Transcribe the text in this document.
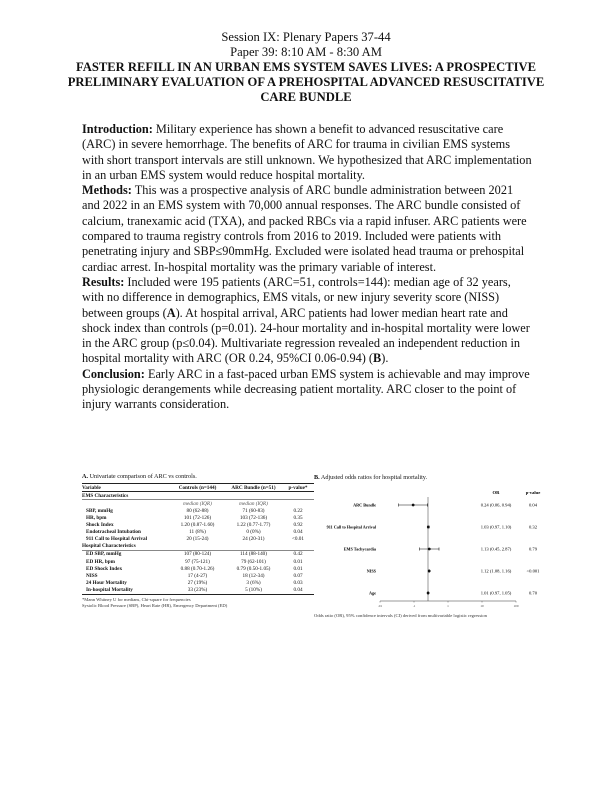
Session IX: Plenary Papers 37-44
Paper 39: 8:10 AM - 8:30 AM
FASTER REFILL IN AN URBAN EMS SYSTEM SAVES LIVES: A PROSPECTIVE PRELIMINARY EVALUATION OF A PREHOSPITAL ADVANCED RESUSCITATIVE CARE BUNDLE

Introduction: Military experience has shown a benefit to advanced resuscitative care (ARC) in severe hemorrhage. The benefits of ARC for trauma in civilian EMS systems with short transport intervals are still unknown. We hypothesized that ARC implementation in an urban EMS system would reduce hospital mortality.

Methods: This was a prospective analysis of ARC bundle administration between 2021 and 2022 in an EMS system with 70,000 annual responses. The ARC bundle consisted of calcium, tranexamic acid (TXA), and packed RBCs via a rapid infuser. ARC patients were compared to trauma registry controls from 2016 to 2019. Included were patients with penetrating injury and SBP≤90mmHg. Excluded were isolated head trauma or prehospital cardiac arrest. In-hospital mortality was the primary variable of interest.

Results: Included were 195 patients (ARC=51, controls=144): median age of 32 years, with no difference in demographics, EMS vitals, or new injury severity score (NISS) between groups (A). At hospital arrival, ARC patients had lower median heart rate and shock index than controls (p=0.01). 24-hour mortality and in-hospital mortality were lower in the ARC group (p≤0.04). Multivariate regression revealed an independent reduction in hospital mortality with ARC (OR 0.24, 95%CI 0.06-0.94) (B).

Conclusion: Early ARC in a fast-paced urban EMS system is achievable and may improve physiologic derangements while decreasing patient mortality. ARC closer to the point of injury warrants consideration.

A. Univariate comparison of ARC vs controls.
Variable	Controls (n=144)	ARC Bundle (n=51)	p-value*
EMS Characteristics			
	median (IQR)	median (IQR)	
SBP, mmHg	80 (62-88)	71 (60-83)	0.22
HR, bpm	101 (72-126)	103 (72-136)	0.35
Shock Index	1.20 (0.87-1.60)	1.22 (0.77-1.77)	0.92
Endotracheal Intubation	11 (8%)	0 (0%)	0.04
911 Call to Hospital Arrival	20 (15-24)	24 (20-31)	<0.01
Hospital Characteristics			
ED SBP, mmHg	107 (80-124)	114 (88-140)	0.42
ED HR, bpm	97 (75-121)	79 (62-101)	0.01
ED Shock Index	0.88 (0.70-1.26)	0.79 (0.50-1.05)	0.01
NISS	17 (4-27)	18 (12-34)	0.07
24 Hour Mortality	27 (19%)	3 (6%)	0.03
In-hospital Mortality	33 (23%)	5 (10%)	0.04
*Mann Whitney U for medians, Chi-square for frequencies
Systolic Blood Pressure (SBP), Heart Rate (HR), Emergency Department (ED)
B. Adjusted odds ratios for hospital mortality.
OR	p-value
ARC Bundle	0.24 (0.06, 0.94)	0.04
911 Call to Hospital Arrival	1.03 (0.97, 1.10)	0.32
EMS Tachycardia	1.13 (0.45, 2.87)	0.79
NISS	1.12 (1.08, 1.16)	<0.001
Age	1.01 (0.97, 1.05)	0.70
.01	.1	1	10	100
Odds ratio (OR), 95% confidence intervals (CI) derived from multivariable logistic regression
